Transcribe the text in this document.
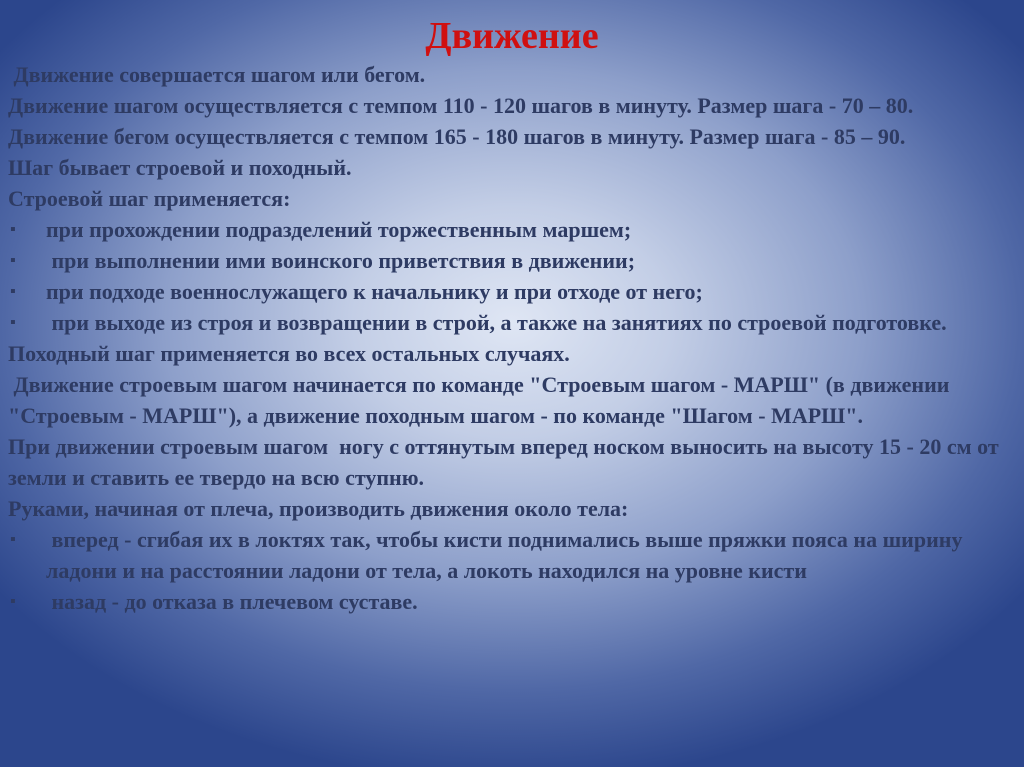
Движение

Движение совершается шагом или бегом.

Движение шагом осуществляется с темпом 110 - 120 шагов в минуту. Размер шага - 70 – 80.

Движение бегом осуществляется с темпом 165 - 180 шагов в минуту. Размер шага - 85 – 90.

Шаг бывает строевой и походный.

Строевой шаг применяется:

▪	при прохождении подразделений торжественным маршем;
▪	при выполнении ими воинского приветствия в движении;
▪	при подходе военнослужащего к начальнику и при отходе от него;
▪	при выходе из строя и возвращении в строй, а также на занятиях по строевой подготовке.

Походный шаг применяется во всех остальных случаях.

Движение строевым шагом начинается по команде "Строевым шагом - МАРШ" (в движении "Строевым - МАРШ"), а движение походным шагом - по команде "Шагом - МАРШ".

При движении строевым шагом  ногу с оттянутым вперед носком выносить на высоту 15 - 20 см от земли и ставить ее твердо на всю ступню.

Руками, начиная от плеча, производить движения около тела:

▪	вперед - сгибая их в локтях так, чтобы кисти поднимались выше пряжки пояса на ширину ладони и на расстоянии ладони от тела, а локоть находился на уровне кисти
▪	назад - до отказа в плечевом суставе.
